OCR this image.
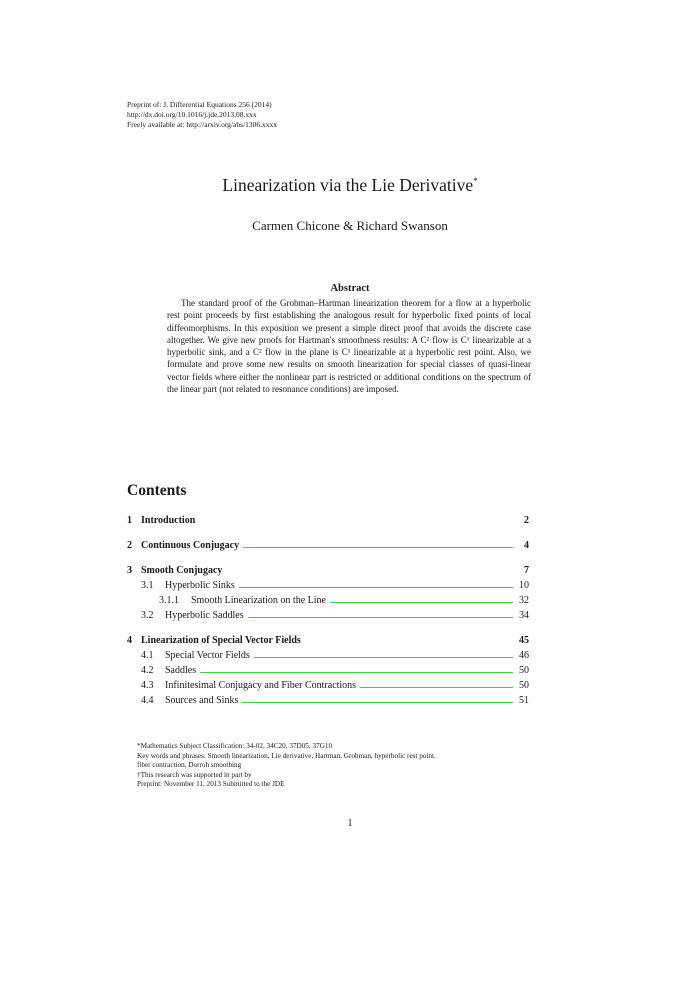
Preprint of: J. Differential Equations 256 (2014)
http://dx.doi.org/10.1016/j.jde.2013.08.xxx
Freely available at: http://arxiv.org/abs/1306.xxxx
Linearization via the Lie Derivative*
Carmen Chicone & Richard Swanson
Abstract
The standard proof of the Grobman–Hartman linearization theorem for a flow at a hyperbolic rest point proceeds by first establishing the analogous result for hyperbolic fixed points of local diffeomorphisms. In this exposition we present a simple direct proof that avoids the discrete case altogether. We give new proofs for Hartman's smoothness results: A C² flow is C¹ linearizable at a hyperbolic sink, and a C² flow in the plane is C¹ linearizable at a hyperbolic rest point. Also, we formulate and prove some new results on smooth linearization for special classes of quasi-linear vector fields where either the nonlinear part is restricted or additional conditions on the spectrum of the linear part (not related to resonance conditions) are imposed.
Contents
1 Introduction	2
2 Continuous Conjugacy	4
3 Smooth Conjugacy	7
3.1	Hyperbolic Sinks	10
3.1.1	Smooth Linearization on the Line	32
3.2	Hyperbolic Saddles	34
4 Linearization of Special Vector Fields	45
4.1	Special Vector Fields	46
4.2	Saddles	50
4.3	Infinitesimal Conjugacy and Fiber Contractions	50
4.4	Sources and Sinks	51
*Mathematics Subject Classification: 34-02, 34C20, 37D05, 37G10
Key words and phrases: Smooth linearization, Lie derivative, Hartman, Grobman, hyperbolic rest point,
fiber contraction, Dorroh smoothing
†This research was supported in part by
Preprint: November 11, 2013 Submitted to the JDE
1
